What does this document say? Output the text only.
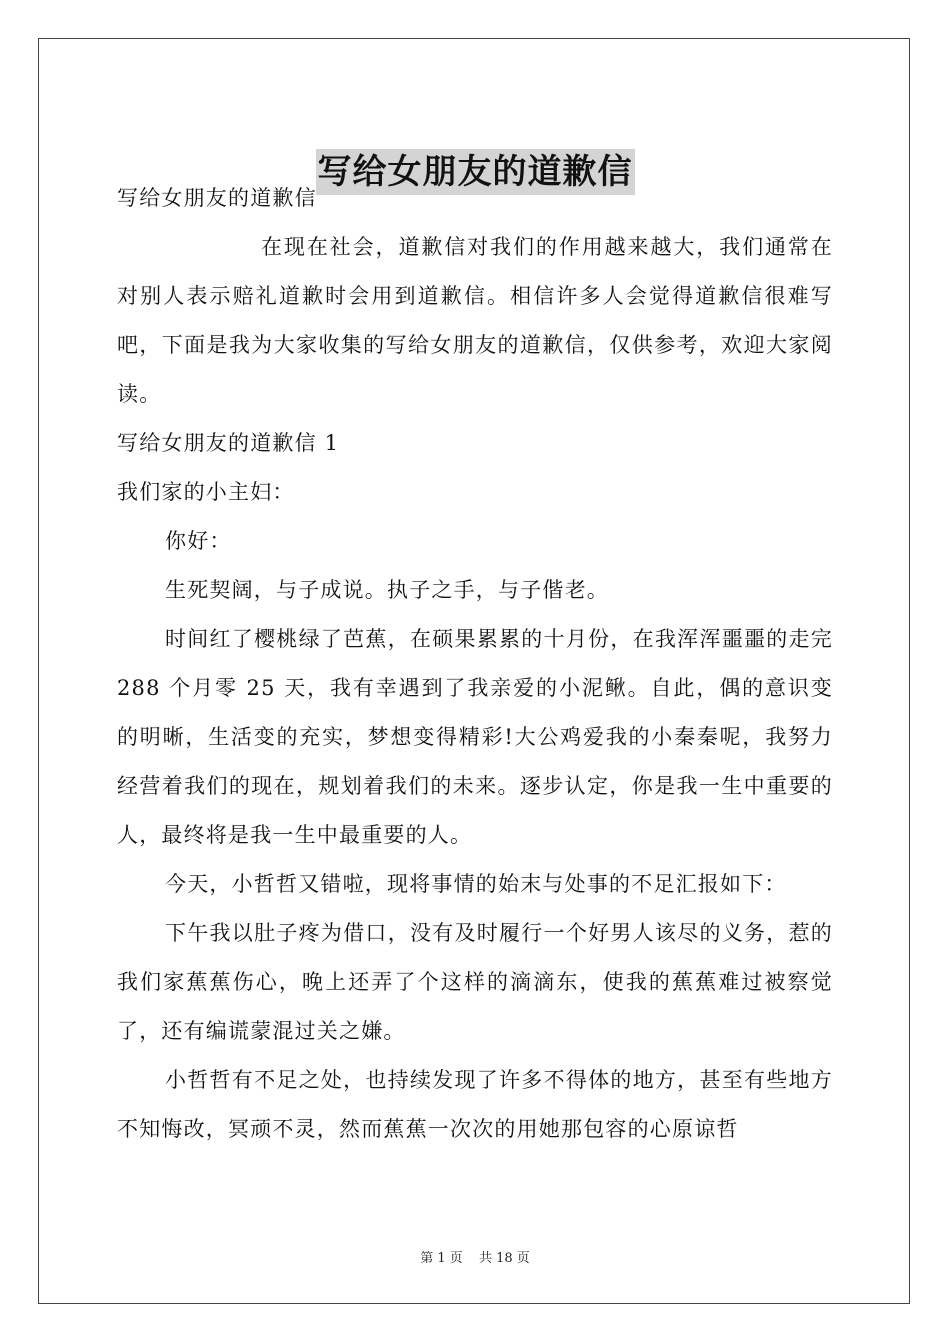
写给女朋友的道歉信

写给女朋友的道歉信

在现在社会，道歉信对我们的作用越来越大，我们通常在对别人表示赔礼道歉时会用到道歉信。相信许多人会觉得道歉信很难写吧，下面是我为大家收集的写给女朋友的道歉信，仅供参考，欢迎大家阅读。

写给女朋友的道歉信 1

我们家的小主妇：

你好：

生死契阔，与子成说。执子之手，与子偕老。

时间红了樱桃绿了芭蕉，在硕果累累的十月份，在我浑浑噩噩的走完 288 个月零 25 天，我有幸遇到了我亲爱的小泥鳅。自此，偶的意识变的明晰，生活变的充实，梦想变得精彩!大公鸡爱我的小秦秦呢，我努力经营着我们的现在，规划着我们的未来。逐步认定，你是我一生中重要的人，最终将是我一生中最重要的人。

今天，小哲哲又错啦，现将事情的始末与处事的不足汇报如下：

下午我以肚子疼为借口，没有及时履行一个好男人该尽的义务，惹的我们家蕉蕉伤心，晚上还弄了个这样的滴滴东，使我的蕉蕉难过被察觉了，还有编谎蒙混过关之嫌。

小哲哲有不足之处，也持续发现了许多不得体的地方，甚至有些地方不知悔改，冥顽不灵，然而蕉蕉一次次的用她那包容的心原谅哲

第 1 页 共 18 页
